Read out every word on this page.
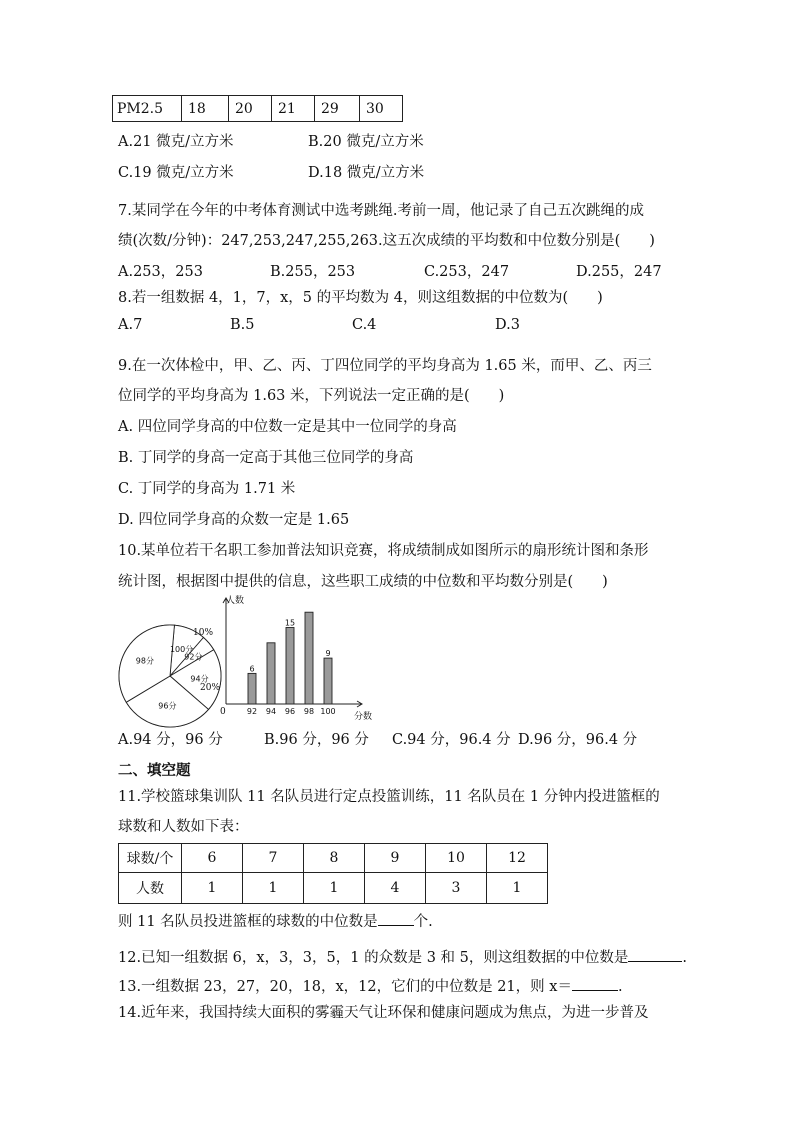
PM2.5	18	20	21	29	30
A.21 微克/立方米	B.20 微克/立方米
C.19 微克/立方米	D.18 微克/立方米
7.某同学在今年的中考体育测试中选考跳绳.考前一周，他记录了自己五次跳绳的成
绩(次数/分钟)：247,253,247,255,263.这五次成绩的平均数和中位数分别是(　　)
A.253，253	B.255，253	C.253，247	D.255，247
8.若一组数据 4，1，7，x，5 的平均数为 4，则这组数据的中位数为(　　)
A.7	B.5	C.4	D.3
9.在一次体检中，甲、乙、丙、丁四位同学的平均身高为 1.65 米，而甲、乙、丙三
位同学的平均身高为 1.63 米，下列说法一定正确的是(　　)
A. 四位同学身高的中位数一定是其中一位同学的身高
B. 丁同学的身高一定高于其他三位同学的身高
C. 丁同学的身高为 1.71 米
D. 四位同学身高的众数一定是 1.65
10.某单位若干名职工参加普法知识竞赛，将成绩制成如图所示的扇形统计图和条形
统计图，根据图中提供的信息，这些职工成绩的中位数和平均数分别是(　　)
100分
92分
94分
96分
98分
10%
20%
92
6
94 96
15
98 100
9
人数
分数
0
A.94 分，96 分	B.96 分，96 分 C.94 分，96.4 分 D.96 分，96.4 分
二、填空题
11.学校篮球集训队 11 名队员进行定点投篮训练，11 名队员在 1 分钟内投进篮框的
球数和人数如下表：
球数/个	6	7	8	9	10	12
人数	1	1	1	4	3	1
则 11 名队员投进篮框的球数的中位数是 个.
12.已知一组数据 6，x，3，3，5，1 的众数是 3 和 5，则这组数据的中位数是	.
13.一组数据 23，27，20，18，x，12，它们的中位数是 21，则 x＝	.
14.近年来，我国持续大面积的雾霾天气让环保和健康问题成为焦点，为进一步普及
